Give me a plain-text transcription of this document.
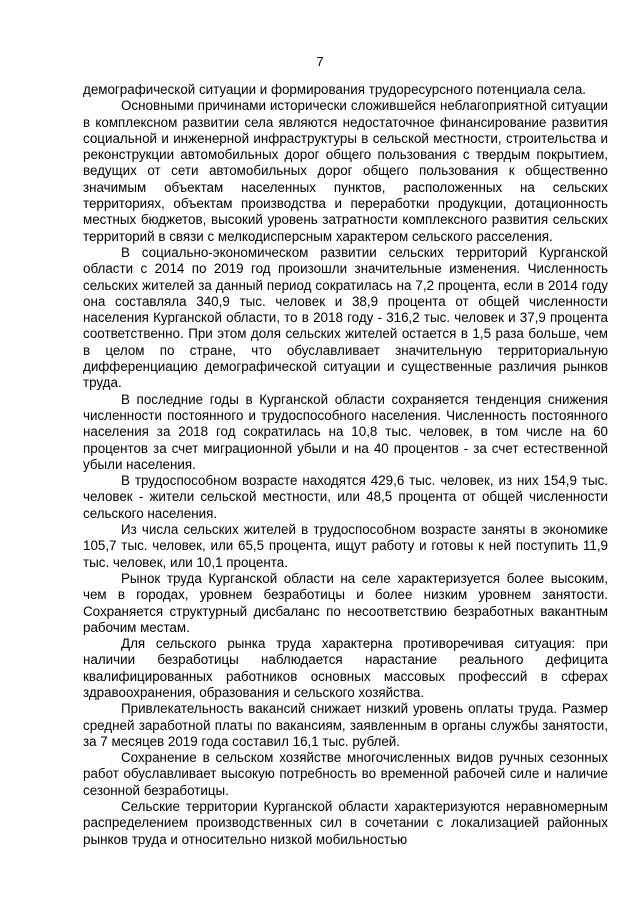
7

демографической ситуации и формирования трудоресурсного потенциала села.

Основными причинами исторически сложившейся неблагоприятной ситуации в комплексном развитии села являются недостаточное финансирование развития социальной и инженерной инфраструктуры в сельской местности, строительства и реконструкции автомобильных дорог общего пользования с твердым покрытием, ведущих от сети автомобильных дорог общего пользования к общественно значимым объектам населенных пунктов, расположенных на сельских территориях, объектам производства и переработки продукции, дотационность местных бюджетов, высокий уровень затратности комплексного развития сельских территорий в связи с мелкодисперсным характером сельского расселения.

В социально-экономическом развитии сельских территорий Курганской области с 2014 по 2019 год произошли значительные изменения. Численность сельских жителей за данный период сократилась на 7,2 процента, если в 2014 году она составляла 340,9 тыс. человек и 38,9 процента от общей численности населения Курганской области, то в 2018 году - 316,2 тыс. человек и 37,9 процента соответственно. При этом доля сельских жителей остается в 1,5 раза больше, чем в целом по стране, что обуславливает значительную территориальную дифференциацию демографической ситуации и существенные различия рынков труда.

В последние годы в Курганской области сохраняется тенденция снижения численности постоянного и трудоспособного населения. Численность постоянного населения за 2018 год сократилась на 10,8 тыс. человек, в том числе на 60 процентов за счет миграционной убыли и на 40 процентов - за счет естественной убыли населения.

В трудоспособном возрасте находятся 429,6 тыс. человек, из них 154,9 тыс. человек - жители сельской местности, или 48,5 процента от общей численности сельского населения.

Из числа сельских жителей в трудоспособном возрасте заняты в экономике 105,7 тыс. человек, или 65,5 процента, ищут работу и готовы к ней поступить 11,9 тыс. человек, или 10,1 процента.

Рынок труда Курганской области на селе характеризуется более высоким, чем в городах, уровнем безработицы и более низким уровнем занятости. Сохраняется структурный дисбаланс по несоответствию безработных вакантным рабочим местам.

Для сельского рынка труда характерна противоречивая ситуация: при наличии безработицы наблюдается нарастание реального дефицита квалифицированных работников основных массовых профессий в сферах здравоохранения, образования и сельского хозяйства.

Привлекательность вакансий снижает низкий уровень оплаты труда. Размер средней заработной платы по вакансиям, заявленным в органы службы занятости, за 7 месяцев 2019 года составил 16,1 тыс. рублей.

Сохранение в сельском хозяйстве многочисленных видов ручных сезонных работ обуславливает высокую потребность во временной рабочей силе и наличие сезонной безработицы.

Сельские территории Курганской области характеризуются неравномерным распределением производственных сил в сочетании с локализацией районных рынков труда и относительно низкой мобильностью
